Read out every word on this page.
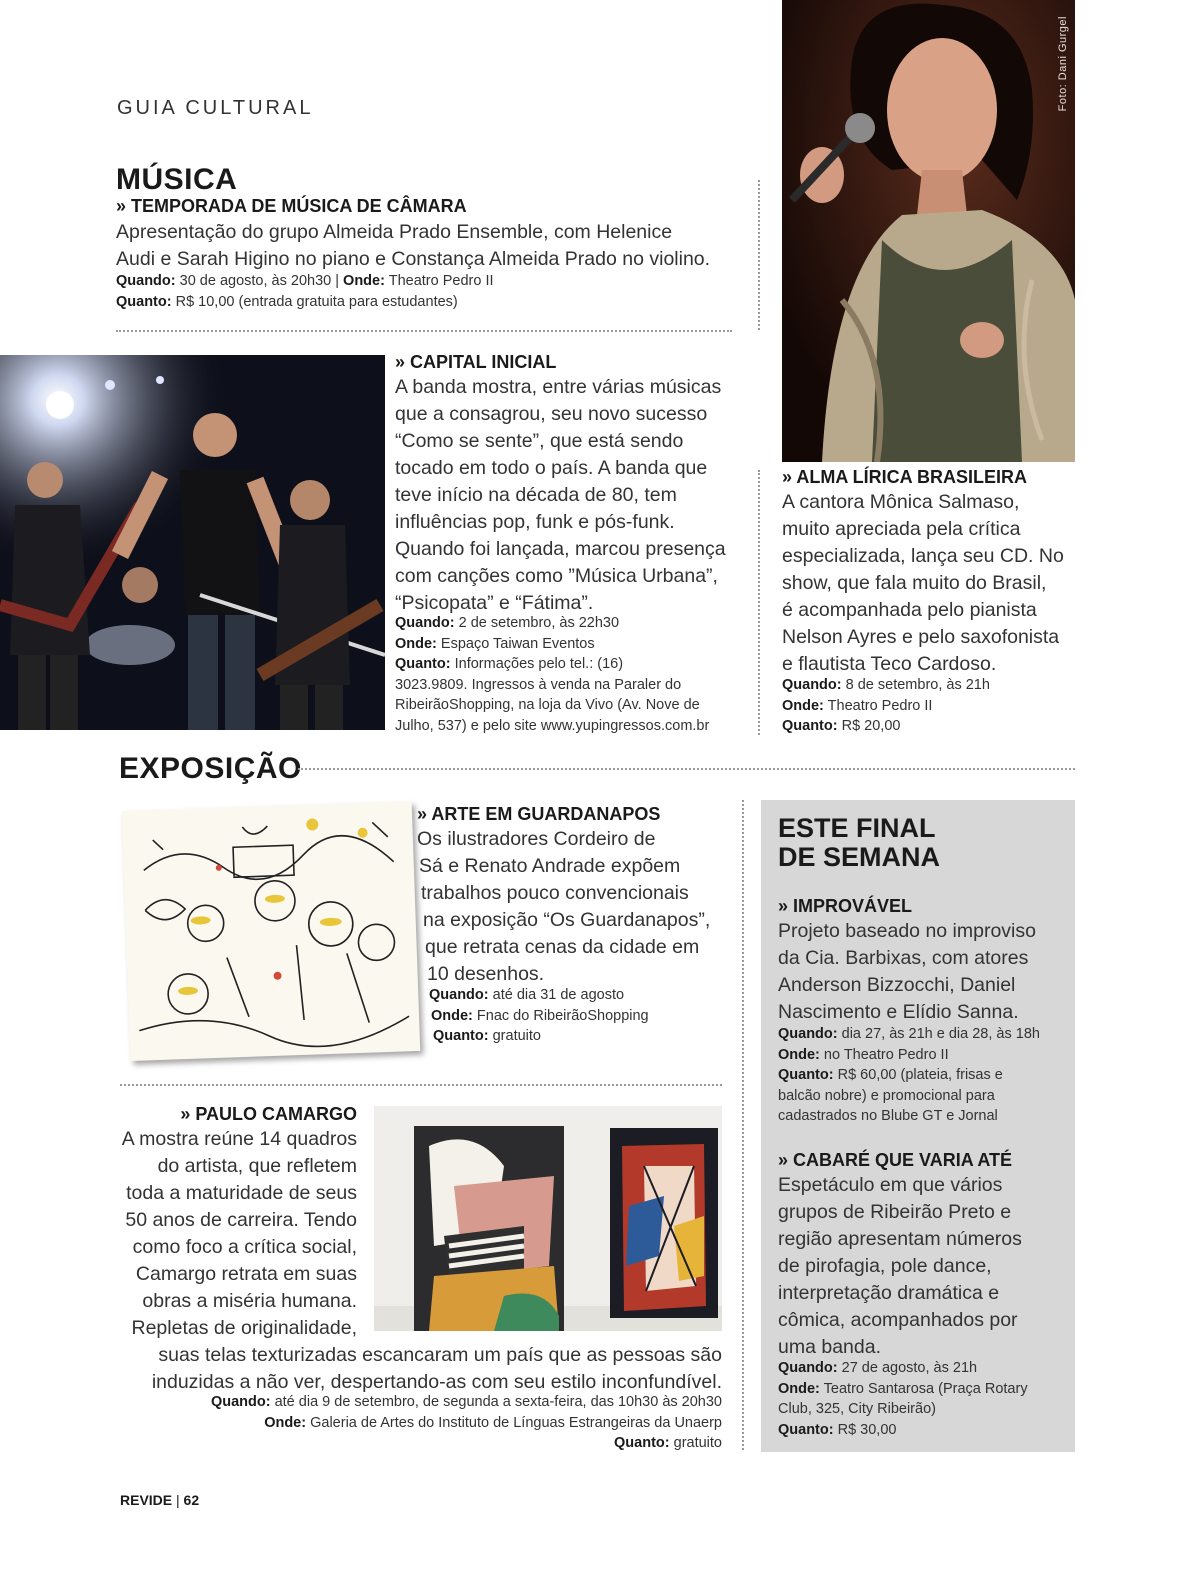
GUIA CULTURAL	Foto: Dani Gurgel
MÚSICA
» TEMPORADA DE MÚSICA DE CÂMARA
Apresentação do grupo Almeida Prado Ensemble, com Helenice
Audi e Sarah Higino no piano e Constança Almeida Prado no violino.
Quando: 30 de agosto, às 20h30 | Onde: Theatro Pedro II
Quanto: R$ 10,00 (entrada gratuita para estudantes)
» CAPITAL INICIAL
A banda mostra, entre várias músicas
que a consagrou, seu novo sucesso
“Como se sente”, que está sendo
tocado em todo o país. A banda que
teve início na década de 80, tem
influências pop, funk e pós-funk.
Quando foi lançada, marcou presença
com canções como ”Música Urbana”,
“Psicopata” e “Fátima”.
Quando: 2 de setembro, às 22h30
Onde: Espaço Taiwan Eventos
Quanto: Informações pelo tel.: (16)
3023.9809. Ingressos à venda na Paraler do
RibeirãoShopping, na loja da Vivo (Av. Nove de
Julho, 537) e pelo site www.yupingressos.com.br
» ALMA LÍRICA BRASILEIRA
A cantora Mônica Salmaso,
muito apreciada pela crítica
especializada, lança seu CD. No
show, que fala muito do Brasil,
é acompanhada pelo pianista
Nelson Ayres e pelo saxofonista
e flautista Teco Cardoso.
Quando: 8 de setembro, às 21h
Onde: Theatro Pedro II
Quanto: R$ 20,00
EXPOSIÇÃO
» ARTE EM GUARDANAPOS
Os ilustradores Cordeiro de
Sá e Renato Andrade expõem
trabalhos pouco convencionais
na exposição “Os Guardanapos”,
que retrata cenas da cidade em
10 desenhos.
Quando: até dia 31 de agosto
Onde: Fnac do RibeirãoShopping
Quanto: gratuito
» PAULO CAMARGO
A mostra reúne 14 quadros
do artista, que refletem
toda a maturidade de seus
50 anos de carreira. Tendo
como foco a crítica social,
Camargo retrata em suas
obras a miséria humana.
Repletas de originalidade,
suas telas texturizadas escancaram um país que as pessoas são
induzidas a não ver, despertando-as com seu estilo inconfundível.
Quando: até dia 9 de setembro, de segunda a sexta-feira, das 10h30 às 20h30
Onde: Galeria de Artes do Instituto de Línguas Estrangeiras da Unaerp
Quanto: gratuito
ESTE FINAL
DE SEMANA
» IMPROVÁVEL
Projeto baseado no improviso
da Cia. Barbixas, com atores
Anderson Bizzocchi, Daniel
Nascimento e Elídio Sanna.
Quando: dia 27, às 21h e dia 28, às 18h
Onde: no Theatro Pedro II
Quanto: R$ 60,00 (plateia, frisas e
balcão nobre) e promocional para
cadastrados no Blube GT e Jornal
» CABARÉ QUE VARIA ATÉ
Espetáculo em que vários
grupos de Ribeirão Preto e
região apresentam números
de pirofagia, pole dance,
interpretação dramática e
cômica, acompanhados por
uma banda.
Quando: 27 de agosto, às 21h
Onde: Teatro Santarosa (Praça Rotary
Club, 325, City Ribeirão)
Quanto: R$ 30,00
REVIDE | 62
